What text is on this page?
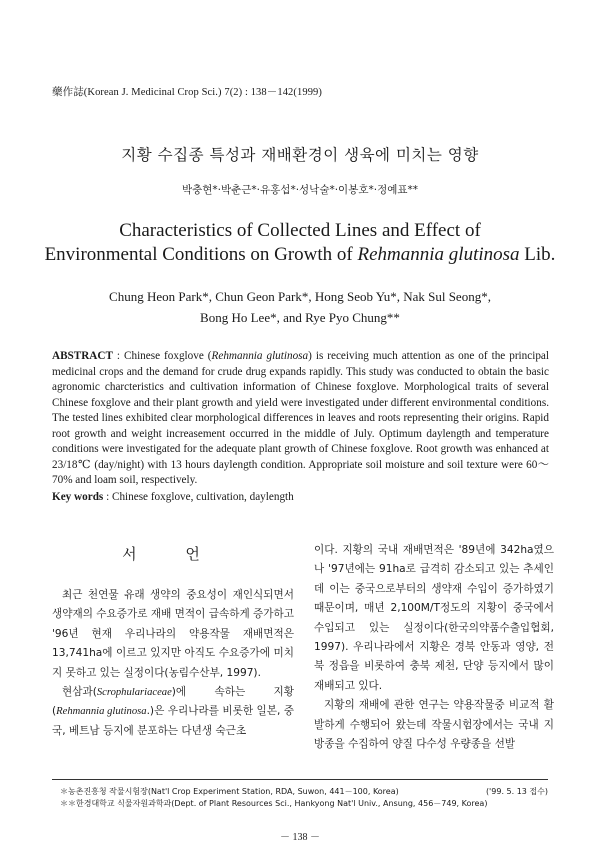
藥作誌(Korean J. Medicinal Crop Sci.) 7(2) : 138－142(1999)
지황 수집종 특성과 재배환경이 생육에 미치는 영향
박충현*·박춘근*·유홍섭*·성낙술*·이봉호*·정예표**
Characteristics of Collected Lines and Effect of
Environmental Conditions on Growth of Rehmannia glutinosa Lib.
Chung Heon Park*, Chun Geon Park*, Hong Seob Yu*, Nak Sul Seong*,
Bong Ho Lee*, and Rye Pyo Chung**
ABSTRACT : Chinese foxglove (Rehmannia glutinosa) is receiving much attention as one of the principal medicinal crops and the demand for crude drug expands rapidly. This study was conducted to obtain the basic agronomic charcteristics and cultivation information of Chinese foxglove. Morphological traits of several Chinese foxglove and their plant growth and yield were investigated under different environmental conditions. The tested lines exhibited clear morphological differences in leaves and roots representing their origins. Rapid root growth and weight increasement occurred in the middle of July. Optimum daylength and temperature conditions were investigated for the adequate plant growth of Chinese foxglove. Root growth was enhanced at 23/18℃ (day/night) with 13 hours daylength condition. Appropriate soil moisture and soil texture were 60～70% and loam soil, respectively.
Key words : Chinese foxglove, cultivation, daylength
서 언

최근 천연물 유래 생약의 중요성이 재인식되면서 생약재의 수요증가로 재배 면적이 급속하게 증가하고 '96년 현재 우리나라의 약용작물 재배면적은 13,741ha에 이르고 있지만 아직도 수요증가에 미치지 못하고 있는 실정이다(농림수산부, 1997).

현삼과(Scrophulariaceae)에 속하는 지황(Rehmannia glutinosa.)은 우리나라를 비롯한 일본, 중국, 베트남 등지에 분포하는 다년생 숙근초

이다. 지황의 국내 재배면적은 '89년에 342ha였으나 '97년에는 91ha로 급격히 감소되고 있는 추세인데 이는 중국으로부터의 생약재 수입이 증가하였기 때문이며, 매년 2,100M/T정도의 지황이 중국에서 수입되고 있는 실정이다(한국의약품수출입협회, 1997). 우리나라에서 지황은 경북 안동과 영양, 전북 정읍을 비롯하여 충북 제천, 단양 등지에서 많이 재배되고 있다.

지황의 재배에 관한 연구는 약용작물중 비교적 활발하게 수행되어 왔는데 작물시험장에서는 국내 지방종을 수집하여 양질 다수성 우량종을 선발

('99. 5. 13 접수)
＊농촌진흥청 작물시험장(Nat'l Crop Experiment Station, RDA, Suwon, 441－100, Korea)
＊＊한경대학교 식물자원과학과(Dept. of Plant Resources Sci., Hankyong Nat'l Univ., Ansung, 456－749, Korea)
－ 138 －
